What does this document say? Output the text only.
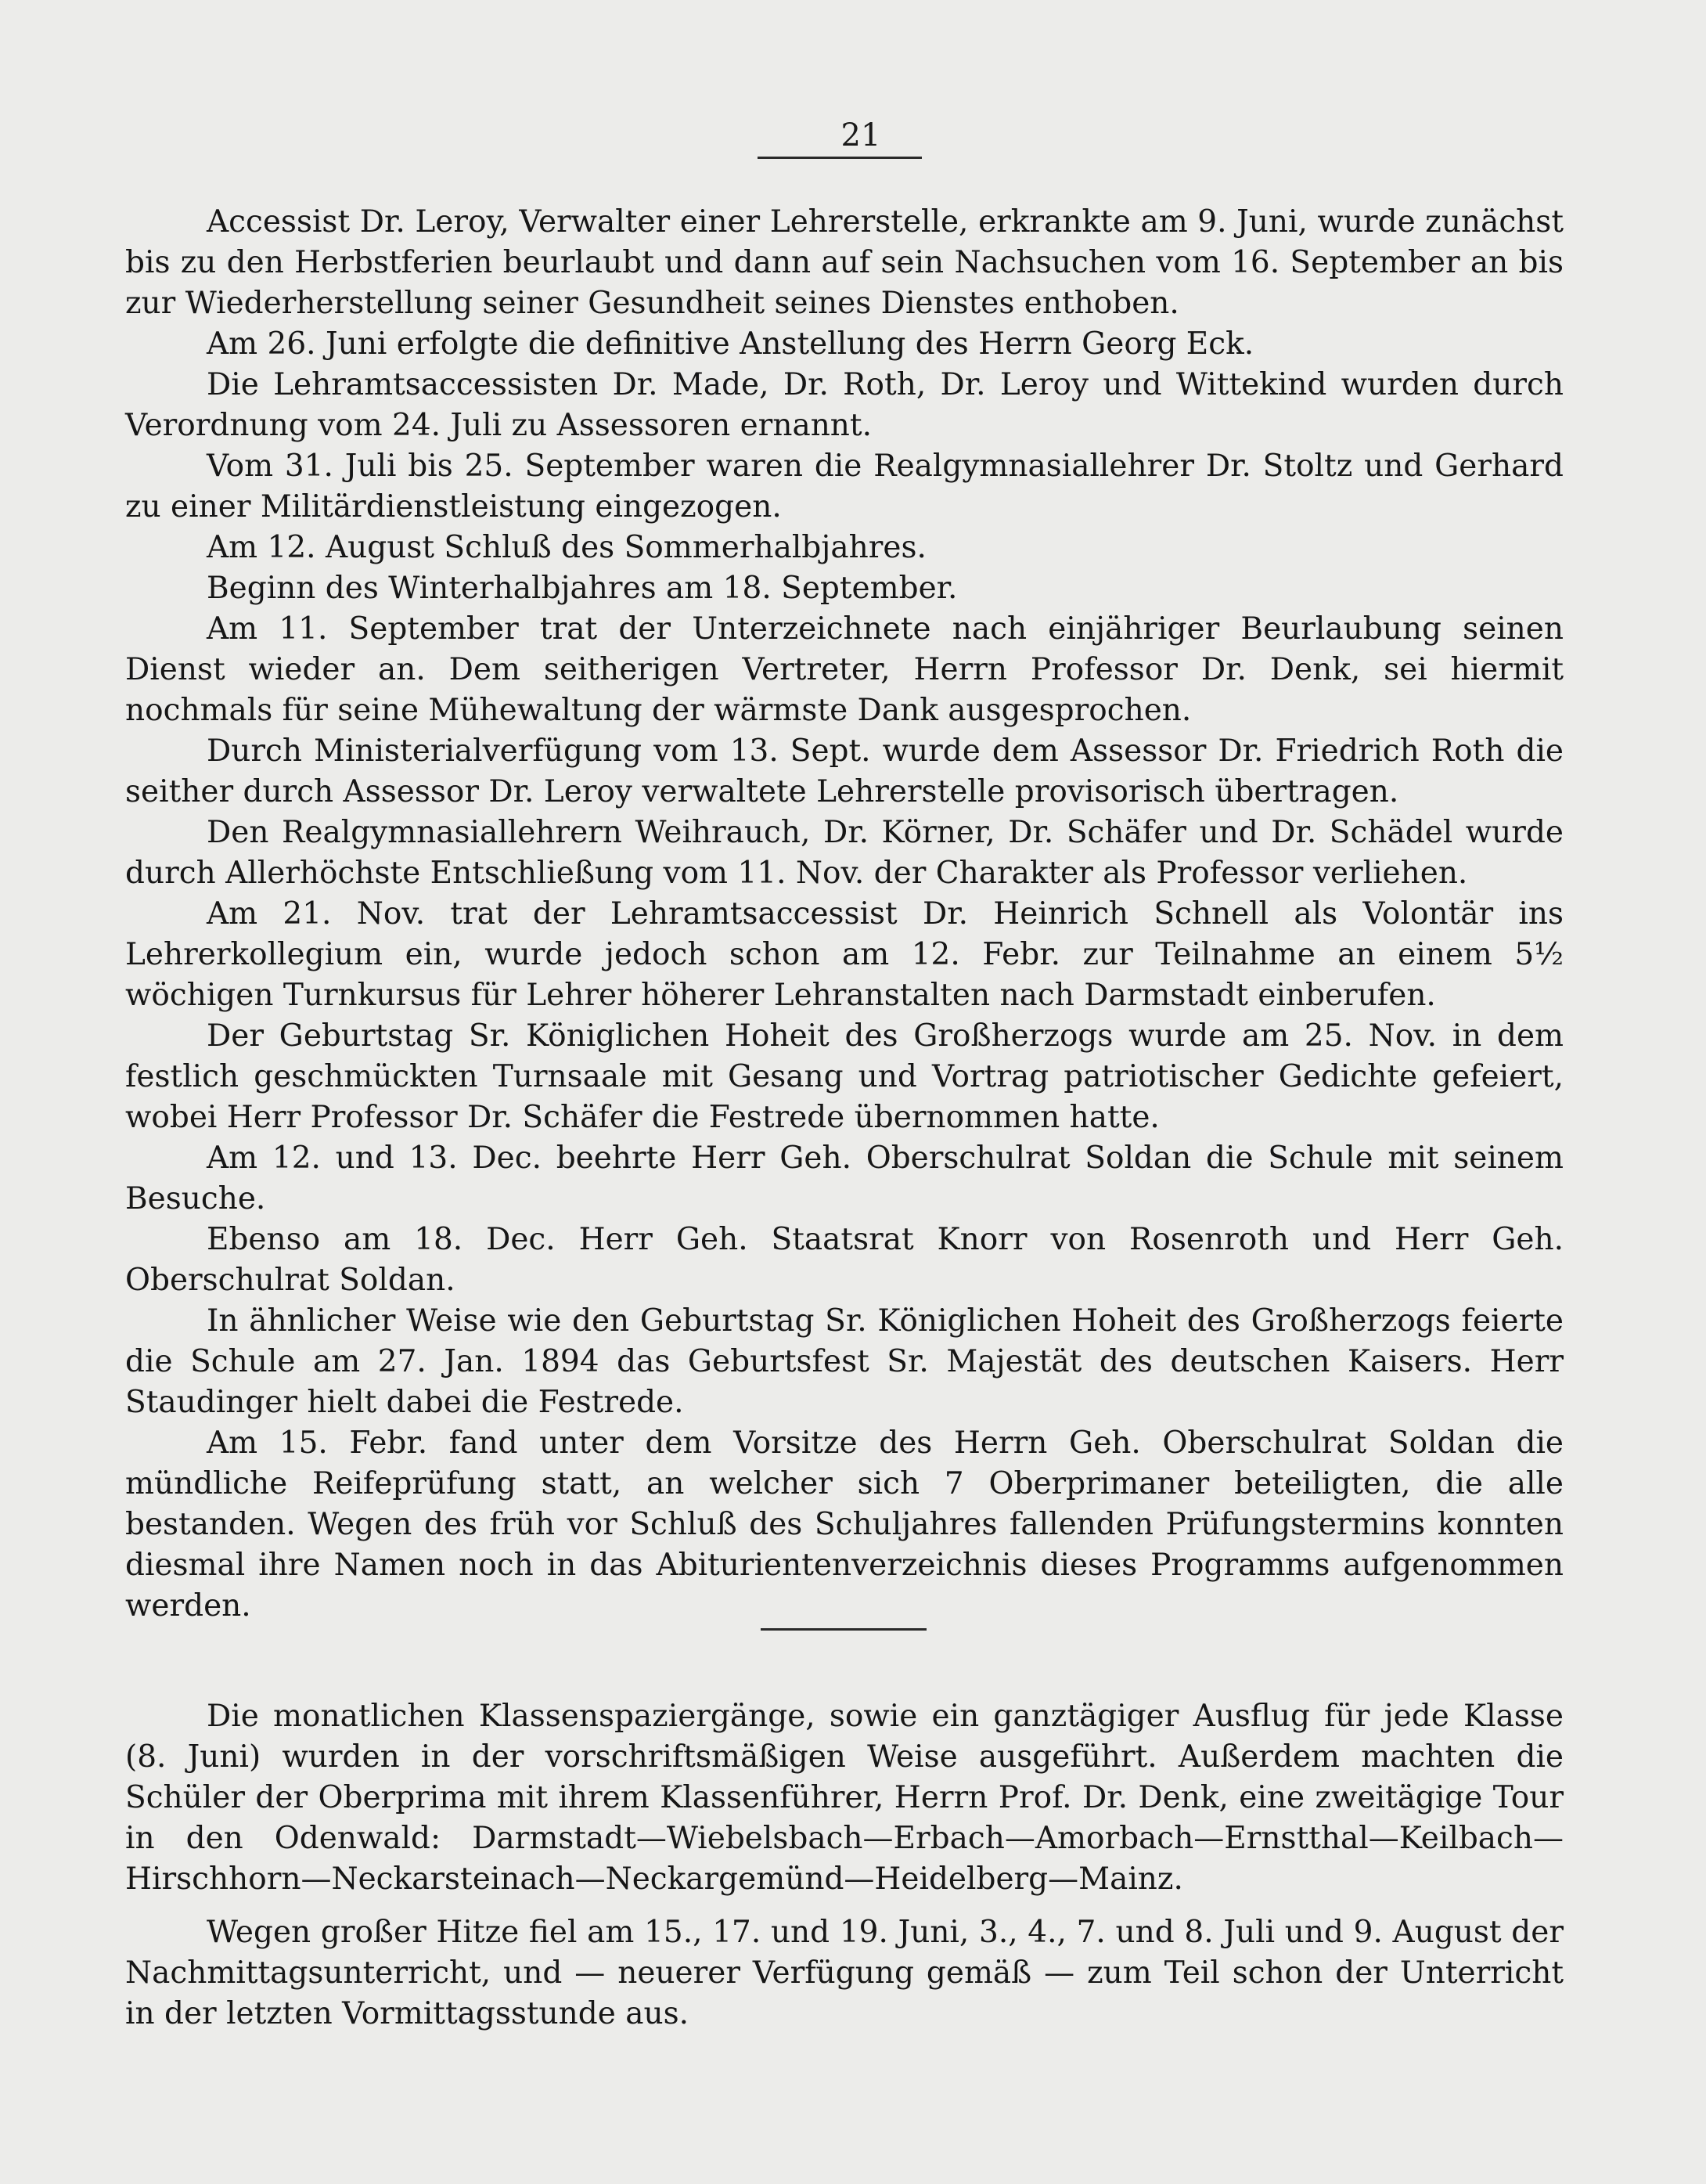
21

Accessist Dr. Leroy, Verwalter einer Lehrerstelle, erkrankte am 9. Juni, wurde zunächst bis zu den Herbstferien beurlaubt und dann auf sein Nachsuchen vom 16. September an bis zur Wiederherstellung seiner Gesundheit seines Dienstes enthoben.

Am 26. Juni erfolgte die definitive Anstellung des Herrn Georg Eck.

Die Lehramtsaccessisten Dr. Made, Dr. Roth, Dr. Leroy und Wittekind wurden durch Verordnung vom 24. Juli zu Assessoren ernannt.

Vom 31. Juli bis 25. September waren die Realgymnasiallehrer Dr. Stoltz und Gerhard zu einer Militärdienstleistung eingezogen.

Am 12. August Schluß des Sommerhalbjahres.

Beginn des Winterhalbjahres am 18. September.

Am 11. September trat der Unterzeichnete nach einjähriger Beurlaubung seinen Dienst wieder an. Dem seitherigen Vertreter, Herrn Professor Dr. Denk, sei hiermit nochmals für seine Mühewaltung der wärmste Dank ausgesprochen.

Durch Ministerialverfügung vom 13. Sept. wurde dem Assessor Dr. Friedrich Roth die seither durch Assessor Dr. Leroy verwaltete Lehrerstelle provisorisch übertragen.

Den Realgymnasiallehrern Weihrauch, Dr. Körner, Dr. Schäfer und Dr. Schädel wurde durch Allerhöchste Entschließung vom 11. Nov. der Charakter als Professor verliehen.

Am 21. Nov. trat der Lehramtsaccessist Dr. Heinrich Schnell als Volontär ins Lehrerkollegium ein, wurde jedoch schon am 12. Febr. zur Teilnahme an einem 5½ wöchigen Turnkursus für Lehrer höherer Lehranstalten nach Darmstadt einberufen.

Der Geburtstag Sr. Königlichen Hoheit des Großherzogs wurde am 25. Nov. in dem festlich geschmückten Turnsaale mit Gesang und Vortrag patriotischer Gedichte gefeiert, wobei Herr Professor Dr. Schäfer die Festrede übernommen hatte.

Am 12. und 13. Dec. beehrte Herr Geh. Oberschulrat Soldan die Schule mit seinem Besuche.

Ebenso am 18. Dec. Herr Geh. Staatsrat Knorr von Rosenroth und Herr Geh. Oberschulrat Soldan.

In ähnlicher Weise wie den Geburtstag Sr. Königlichen Hoheit des Großherzogs feierte die Schule am 27. Jan. 1894 das Geburtsfest Sr. Majestät des deutschen Kaisers. Herr Staudinger hielt dabei die Festrede.

Am 15. Febr. fand unter dem Vorsitze des Herrn Geh. Oberschulrat Soldan die mündliche Reifeprüfung statt, an welcher sich 7 Oberprimaner beteiligten, die alle bestanden. Wegen des früh vor Schluß des Schuljahres fallenden Prüfungstermins konnten diesmal ihre Namen noch in das Abiturientenverzeichnis dieses Programms aufgenommen werden.

Die monatlichen Klassenspaziergänge, sowie ein ganztägiger Ausflug für jede Klasse (8. Juni) wurden in der vorschriftsmäßigen Weise ausgeführt. Außerdem machten die Schüler der Oberprima mit ihrem Klassenführer, Herrn Prof. Dr. Denk, eine zweitägige Tour in den Odenwald: Darmstadt—Wiebelsbach—Erbach—Amorbach—Ernstthal—Keilbach—Hirschhorn—Neckarsteinach—Neckargemünd—Heidelberg—Mainz.

Wegen großer Hitze fiel am 15., 17. und 19. Juni, 3., 4., 7. und 8. Juli und 9. August der Nachmittagsunterricht, und — neuerer Verfügung gemäß — zum Teil schon der Unterricht in der letzten Vormittagsstunde aus.
